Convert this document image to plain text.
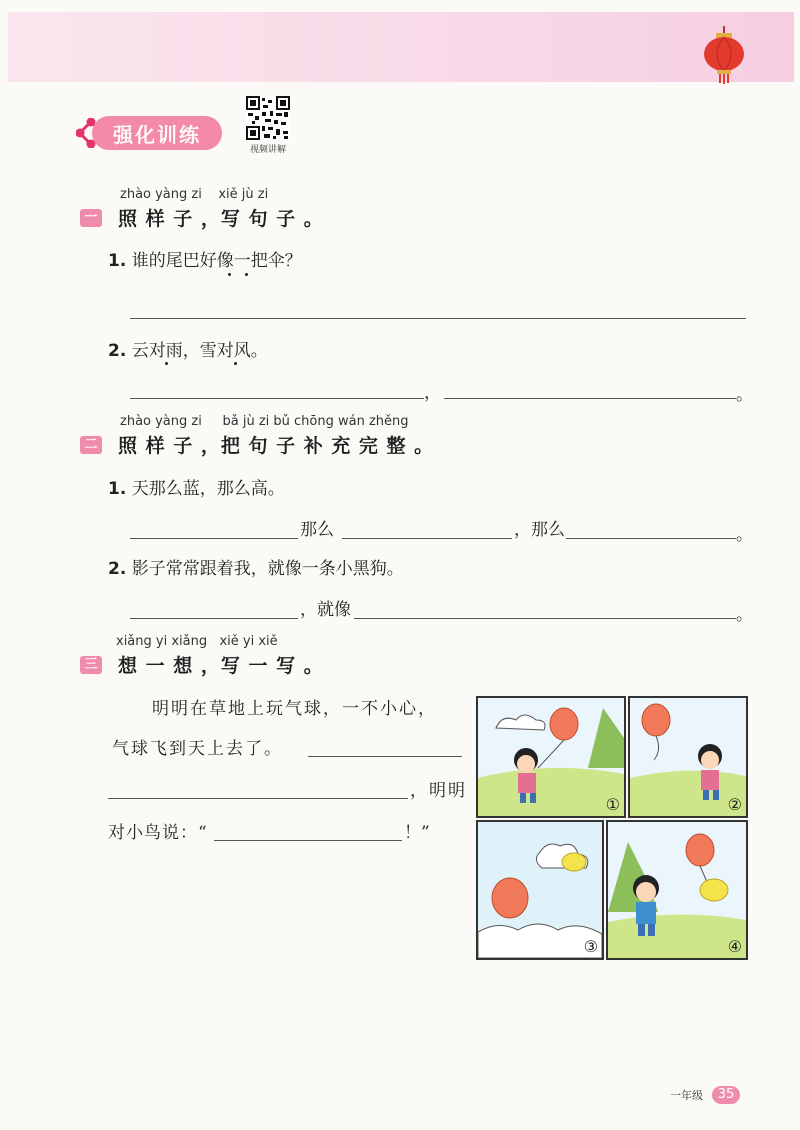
强化训练
视频讲解
zhào yàng zi    xiě jù zi
一 照 样 子 ，写 句 子 。
1. 谁的尾巴好像一把伞？
2. 云对雨，雪对风。
，	。
zhào yàng zi     bǎ jù zi bǔ chōng wán zhěng
二 照 样 子 ，把 句 子 补 充 完 整 。
1. 天那么蓝，那么高。
那么	，那么	。
2. 影子常常跟着我，就像一条小黑狗。
，就像	。
xiǎng yi xiǎng   xiě yi xiě
三 想 一 想 ，写 一 写 。
明明在草地上玩气球，一不小心，
气球飞到天上去了。
，明明
对小鸟说：“	！”
①	②
③	④
一年级	35
